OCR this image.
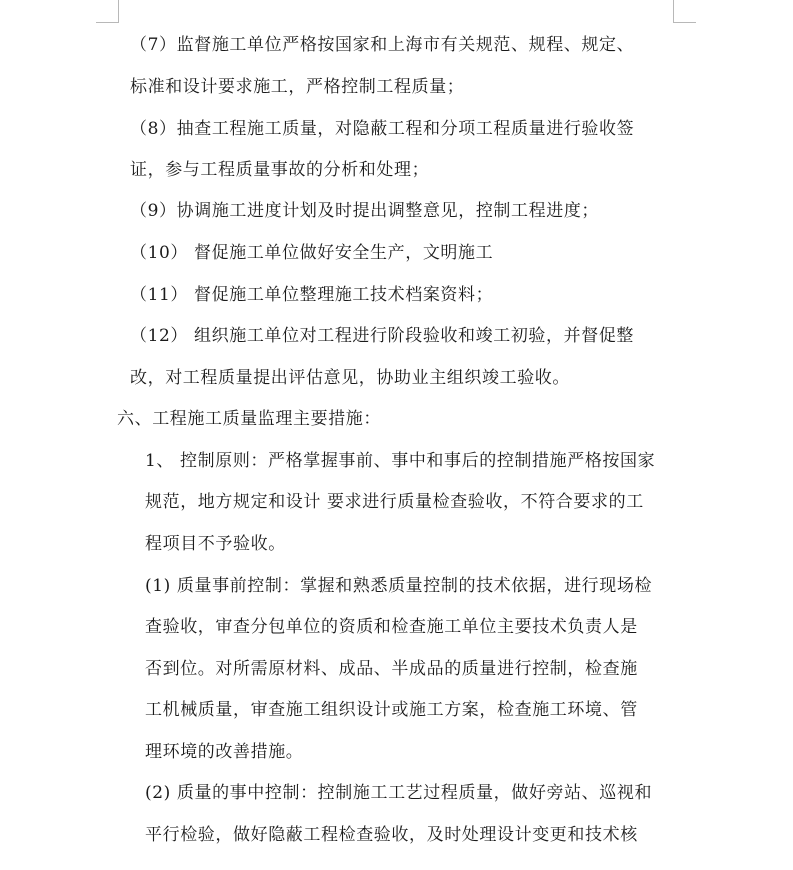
（7）监督施工单位严格按国家和上海市有关规范、规程、规定、
标准和设计要求施工，严格控制工程质量；
（8）抽查工程施工质量，对隐蔽工程和分项工程质量进行验收签
证，参与工程质量事故的分析和处理；
（9）协调施工进度计划及时提出调整意见，控制工程进度；
（10） 督促施工单位做好安全生产，文明施工
（11） 督促施工单位整理施工技术档案资料；
（12） 组织施工单位对工程进行阶段验收和竣工初验，并督促整
改，对工程质量提出评估意见，协助业主组织竣工验收。
六、工程施工质量监理主要措施：
1、 控制原则：严格掌握事前、事中和事后的控制措施严格按国家
规范，地方规定和设计 要求进行质量检查验收，不符合要求的工
程项目不予验收。
(1) 质量事前控制：掌握和熟悉质量控制的技术依据，进行现场检
查验收，审查分包单位的资质和检查施工单位主要技术负责人是
否到位。对所需原材料、成品、半成品的质量进行控制，检查施
工机械质量，审查施工组织设计或施工方案，检查施工环境、管
理环境的改善措施。
(2) 质量的事中控制：控制施工工艺过程质量，做好旁站、巡视和
平行检验，做好隐蔽工程检查验收，及时处理设计变更和技术核
